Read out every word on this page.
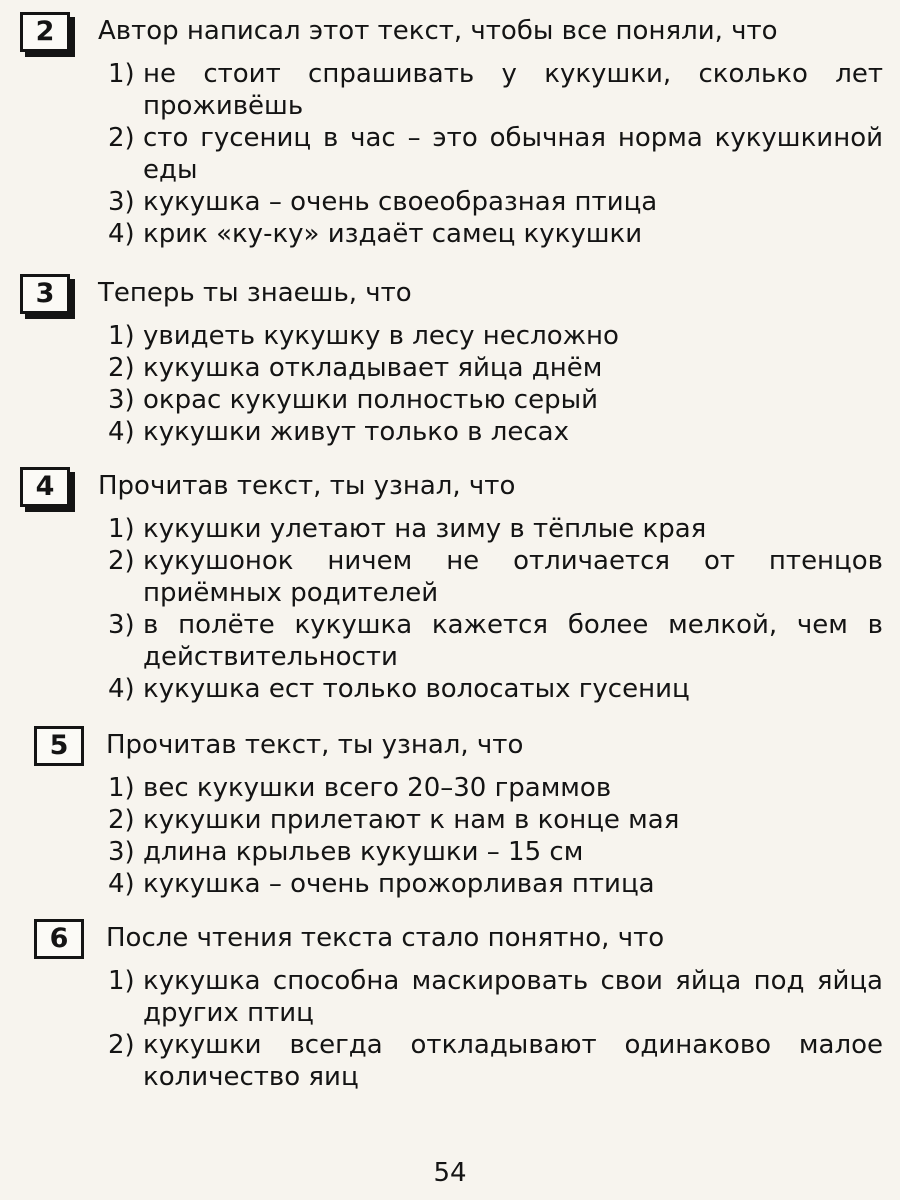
2	Автор написал этот текст, чтобы все поняли, что
1) не стоит спрашивать у кукушки, сколько лет проживёшь
2) сто гусениц в час – это обычная норма кукушкиной еды
3) кукушка – очень своеобразная птица
4) крик «ку-ку» издаёт самец кукушки
3	Теперь ты знаешь, что
1) увидеть кукушку в лесу несложно
2) кукушка откладывает яйца днём
3) окрас кукушки полностью серый
4) кукушки живут только в лесах
4	Прочитав текст, ты узнал, что
1) кукушки улетают на зиму в тёплые края
2) кукушонок ничем не отличается от птенцов приёмных родителей
3) в полёте кукушка кажется более мелкой, чем в действительности
4) кукушка ест только волосатых гусениц
5	Прочитав текст, ты узнал, что
1) вес кукушки всего 20–30 граммов
2) кукушки прилетают к нам в конце мая
3) длина крыльев кукушки – 15 см
4) кукушка – очень прожорливая птица
6	После чтения текста стало понятно, что
1) кукушка способна маскировать свои яйца под яйца других птиц
2) кукушки всегда откладывают одинаково малое количество яиц
54
